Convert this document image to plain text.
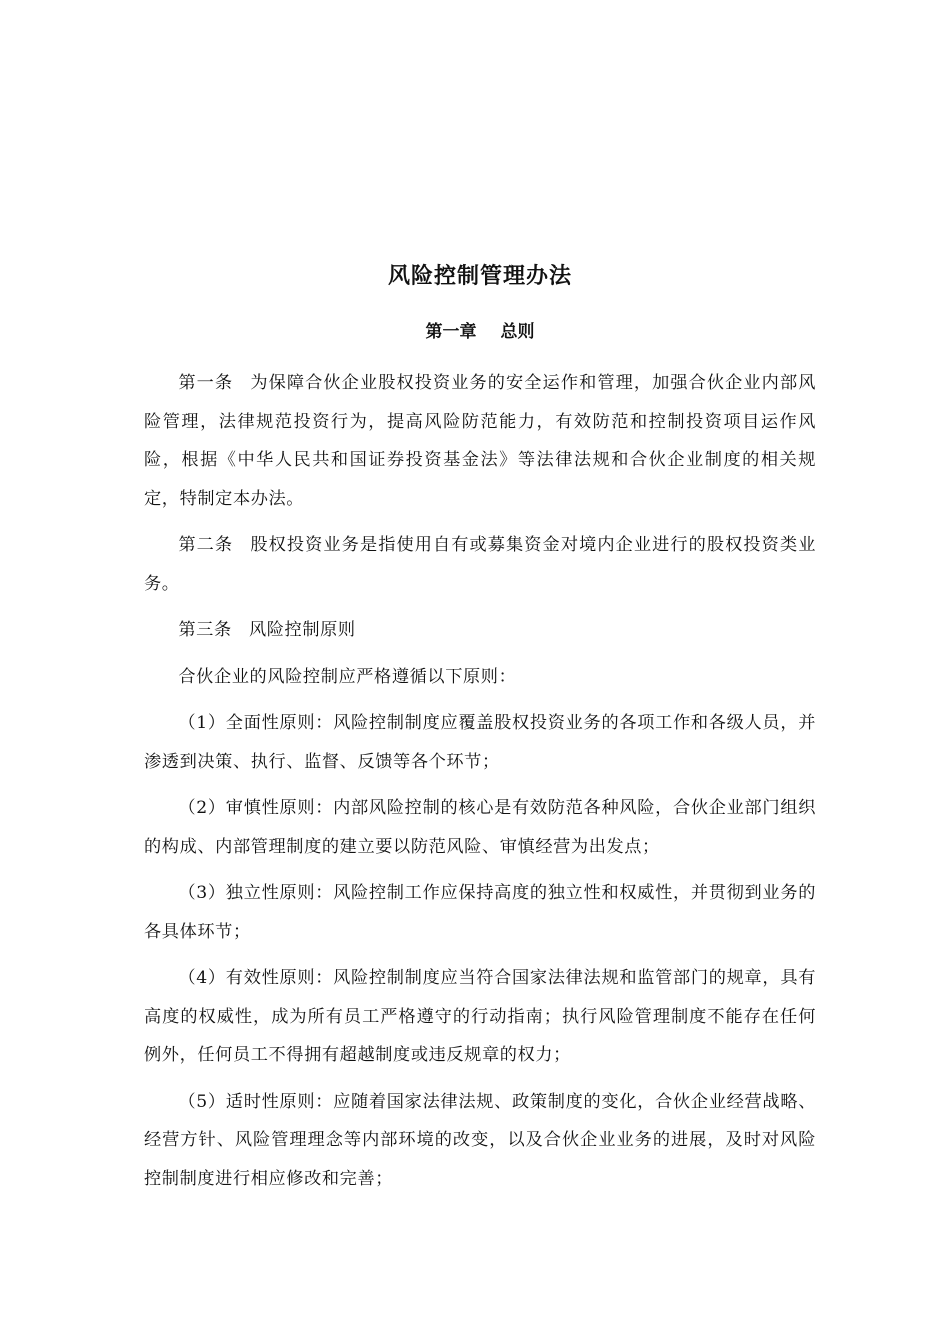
风险控制管理办法
第一章 总则

第一条 为保障合伙企业股权投资业务的安全运作和管理，加强合伙企业内部风险管理，法律规范投资行为，提高风险防范能力，有效防范和控制投资项目运作风险，根据《中华人民共和国证券投资基金法》等法律法规和合伙企业制度的相关规定，特制定本办法。

第二条 股权投资业务是指使用自有或募集资金对境内企业进行的股权投资类业务。

第三条 风险控制原则

合伙企业的风险控制应严格遵循以下原则：

（1）全面性原则：风险控制制度应覆盖股权投资业务的各项工作和各级人员，并渗透到决策、执行、监督、反馈等各个环节；

（2）审慎性原则：内部风险控制的核心是有效防范各种风险，合伙企业部门组织的构成、内部管理制度的建立要以防范风险、审慎经营为出发点；

（3）独立性原则：风险控制工作应保持高度的独立性和权威性，并贯彻到业务的各具体环节；

（4）有效性原则：风险控制制度应当符合国家法律法规和监管部门的规章，具有高度的权威性，成为所有员工严格遵守的行动指南；执行风险管理制度不能存在任何例外，任何员工不得拥有超越制度或违反规章的权力；

（5）适时性原则：应随着国家法律法规、政策制度的变化，合伙企业经营战略、经营方针、风险管理理念等内部环境的改变，以及合伙企业业务的进展，及时对风险控制制度进行相应修改和完善；
